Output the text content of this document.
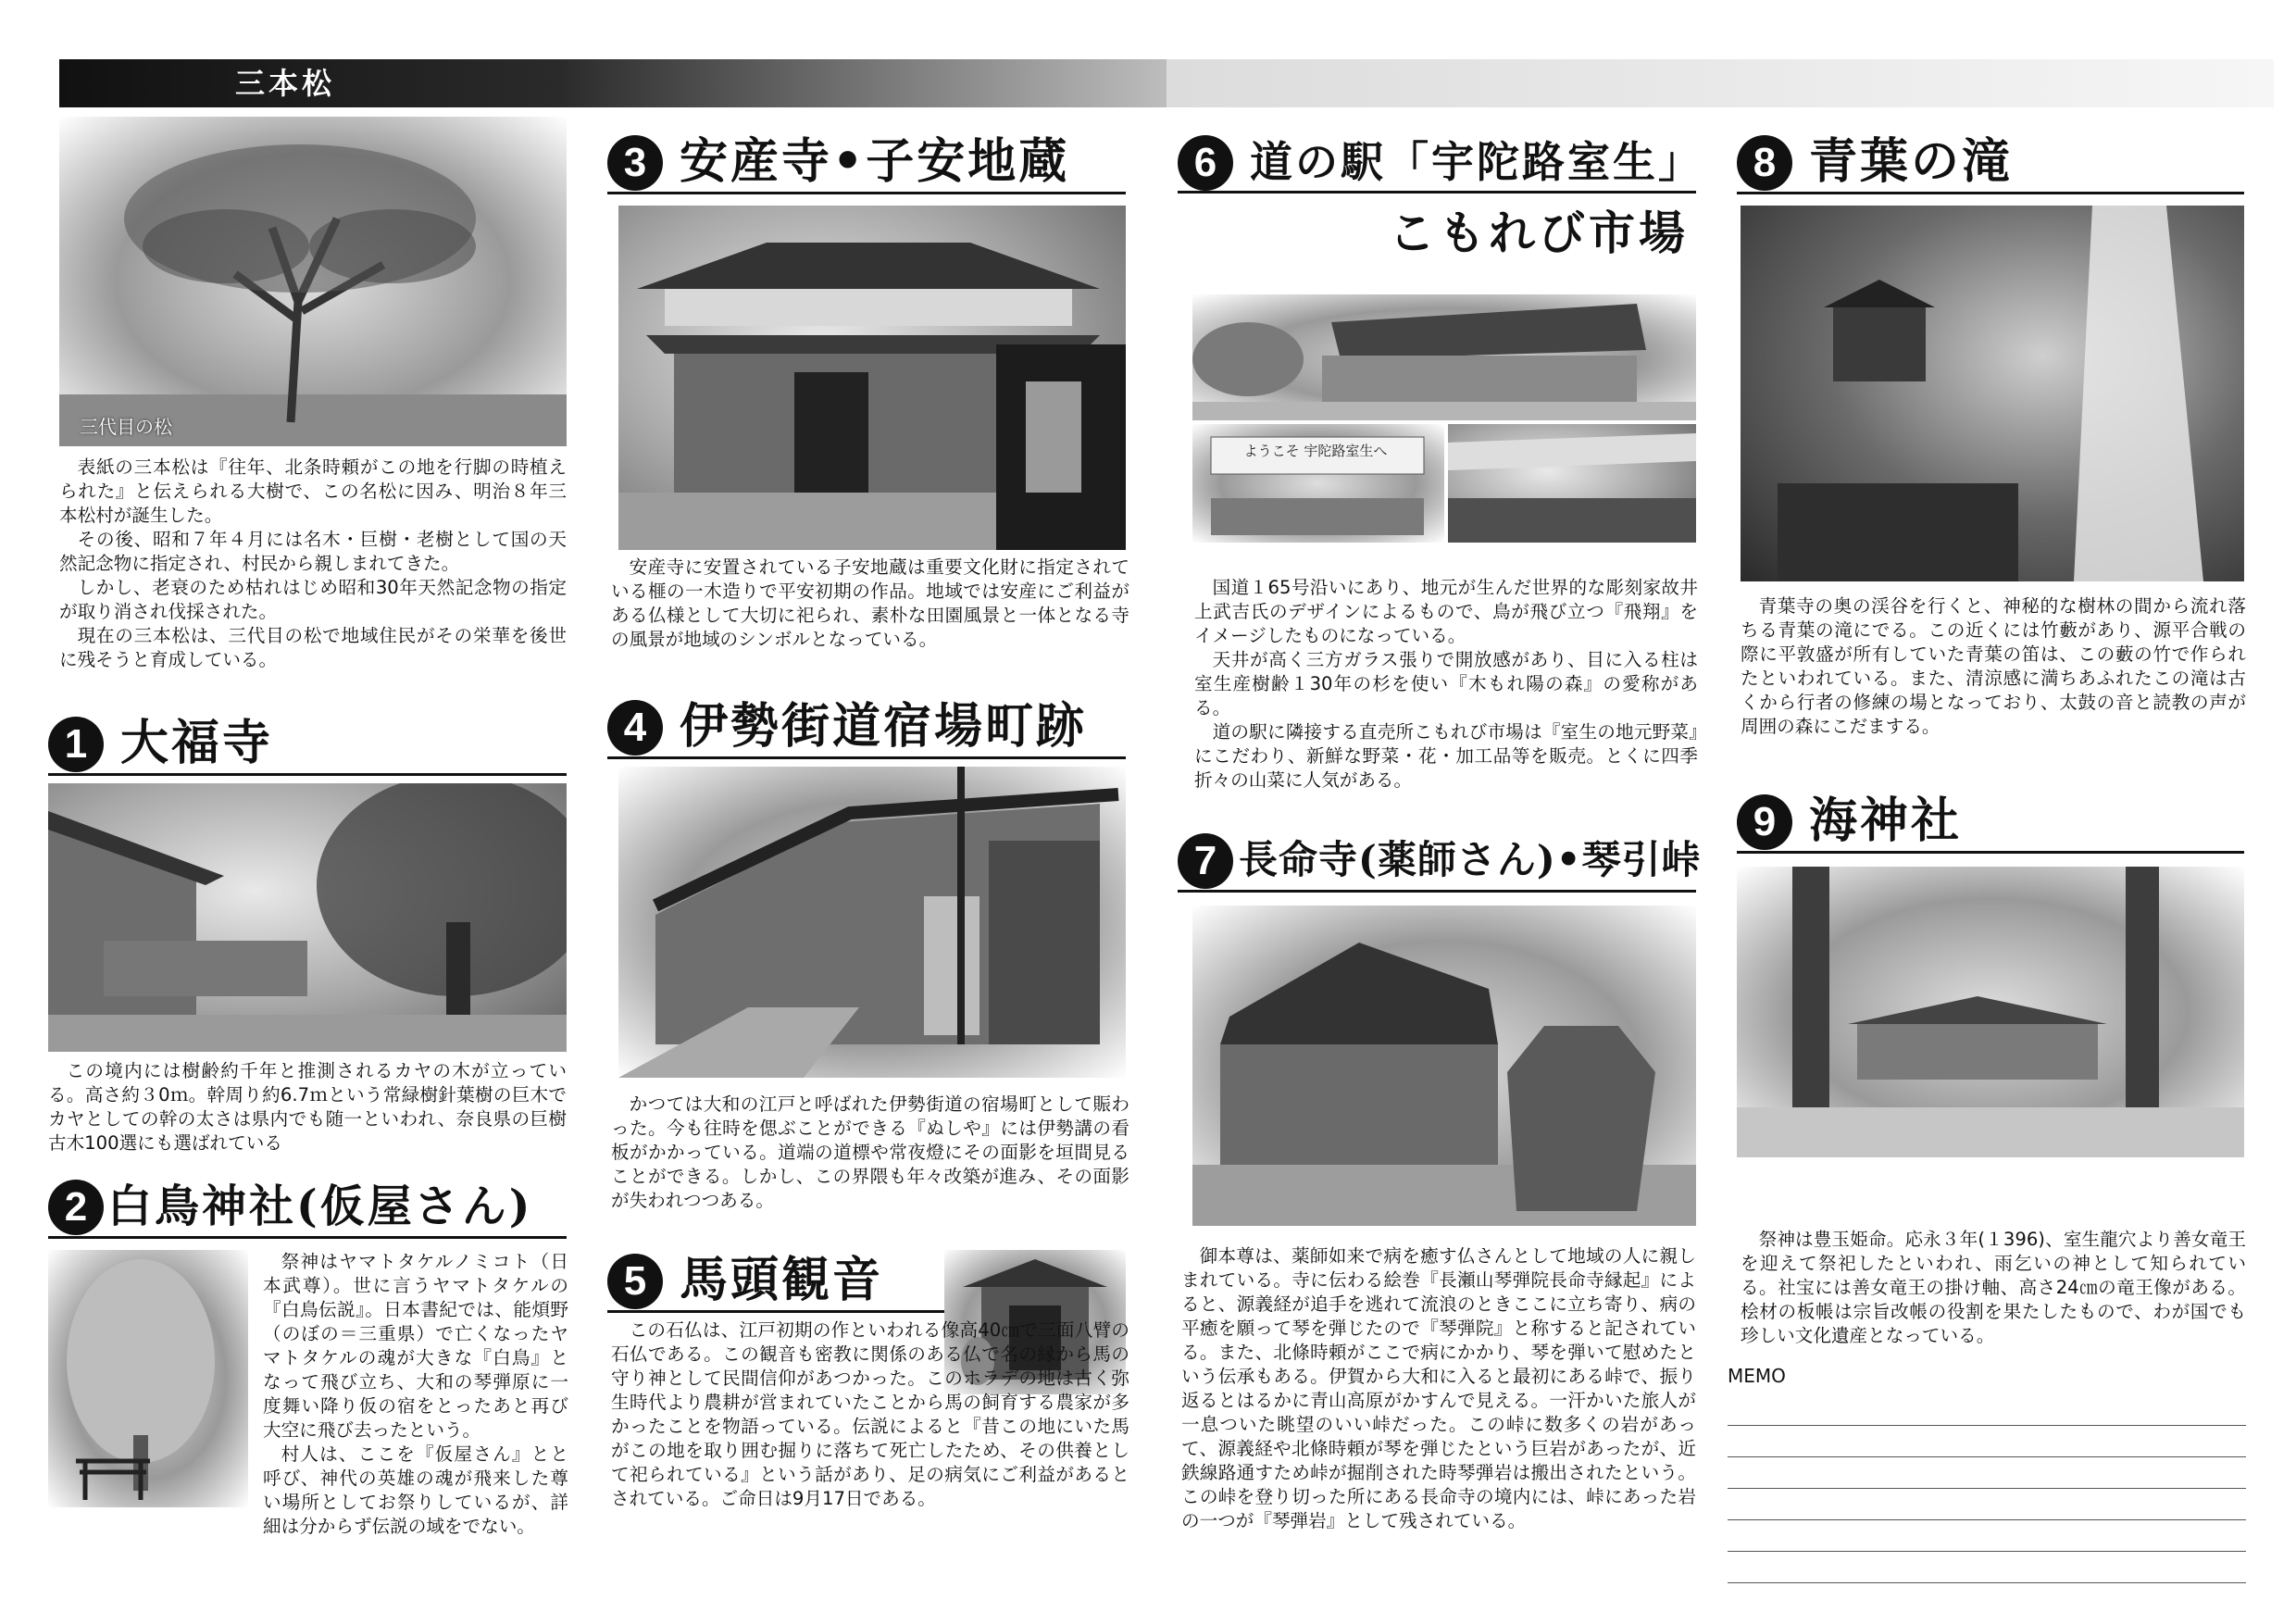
三本松
三代目の松

表紙の三本松は『往年、北条時頼がこの地を行脚の時植えられた』と伝えられる大樹で、この名松に因み、明治８年三本松村が誕生した。

その後、昭和７年４月には名木・巨樹・老樹として国の天然記念物に指定され、村民から親しまれてきた。

しかし、老衰のため枯れはじめ昭和30年天然記念物の指定が取り消され伐採された。

現在の三本松は、三代目の松で地域住民がその栄華を後世に残そうと育成している。

1 大福寺

この境内には樹齢約千年と推測されるカヤの木が立っている。高さ約３0ｍ。幹周り約6.7ｍという常緑樹針葉樹の巨木でカヤとしての幹の太さは県内でも随一といわれ、奈良県の巨樹古木100選にも選ばれている

2 白鳥神社(仮屋さん)

祭神はヤマトタケルノミコト（日本武尊）。世に言うヤマトタケルの『白鳥伝説』。日本書紀では、能煩野（のぼの＝三重県）で亡くなったヤマトタケルの魂が大きな『白鳥』となって飛び立ち、大和の琴弾原に一度舞い降り仮の宿をとったあと再び大空に飛び去ったという。

村人は、ここを『仮屋さん』とと呼び、神代の英雄の魂が飛来した尊い場所としてお祭りしているが、詳細は分からず伝説の域をでない。

3 安産寺•子安地蔵

安産寺に安置されている子安地蔵は重要文化財に指定されている榧の一木造りで平安初期の作品。地域では安産にご利益がある仏様として大切に祀られ、素朴な田園風景と一体となる寺の風景が地域のシンボルとなっている。

4 伊勢街道宿場町跡

かつては大和の江戸と呼ばれた伊勢街道の宿場町として賑わった。今も往時を偲ぶことができる『ぬしや』には伊勢講の看板がかかっている。道端の道標や常夜燈にその面影を垣間見ることができる。しかし、この界隈も年々改築が進み、その面影が失われつつある。

5 馬頭観音

この石仏は、江戸初期の作といわれる像高40㎝で三面八臂の石仏である。この観音も密教に関係のある仏で名の縁から馬の守り神として民間信仰があつかった。このホラデの地は古く弥生時代より農耕が営まれていたことから馬の飼育する農家が多かったことを物語っている。伝説によると『昔この地にいた馬がこの地を取り囲む掘りに落ちて死亡したため、その供養として祀られている』という話があり、足の病気にご利益があるとされている。ご命日は9月17日である。

6 道の駅「宇陀路室生」
こもれび市場
ようこそ 宇陀路室生へ

国道１65号沿いにあり、地元が生んだ世界的な彫刻家故井上武吉氏のデザインによるもので、鳥が飛び立つ『飛翔』をイメージしたものになっている。

天井が高く三方ガラス張りで開放感があり、目に入る柱は室生産樹齢１30年の杉を使い『木もれ陽の森』の愛称がある。

道の駅に隣接する直売所こもれび市場は『室生の地元野菜』にこだわり、新鮮な野菜・花・加工品等を販売。とくに四季折々の山菜に人気がある。

7 長命寺(薬師さん)•琴引峠

御本尊は、薬師如来で病を癒す仏さんとして地域の人に親しまれている。寺に伝わる絵巻『長瀬山琴弾院長命寺縁起』によると、源義経が追手を逃れて流浪のときここに立ち寄り、病の平癒を願って琴を弾じたので『琴弾院』と称すると記されている。また、北條時頼がここで病にかかり、琴を弾いて慰めたという伝承もある。伊賀から大和に入ると最初にある峠で、振り返るとはるかに青山高原がかすんで見える。一汗かいた旅人が一息ついた眺望のいい峠だった。この峠に数多くの岩があって、源義経や北條時頼が琴を弾じたという巨岩があったが、近鉄線路通すため峠が掘削された時琴弾岩は搬出されたという。この峠を登り切った所にある長命寺の境内には、峠にあった岩の一つが『琴弾岩』として残されている。

8 青葉の滝

青葉寺の奥の渓谷を行くと、神秘的な樹林の間から流れ落ちる青葉の滝にでる。この近くには竹藪があり、源平合戦の際に平敦盛が所有していた青葉の笛は、この藪の竹で作られたといわれている。また、清涼感に満ちあふれたこの滝は古くから行者の修練の場となっており、太鼓の音と読教の声が周囲の森にこだまする。

9 海神社

祭神は豊玉姫命。応永３年(１396)、室生龍穴より善女竜王を迎えて祭祀したといわれ、雨乞いの神として知られている。社宝には善女竜王の掛け軸、高さ24㎝の竜王像がある。桧材の板帳は宗旨改帳の役割を果たしたもので、わが国でも珍しい文化遺産となっている。

MEMO
